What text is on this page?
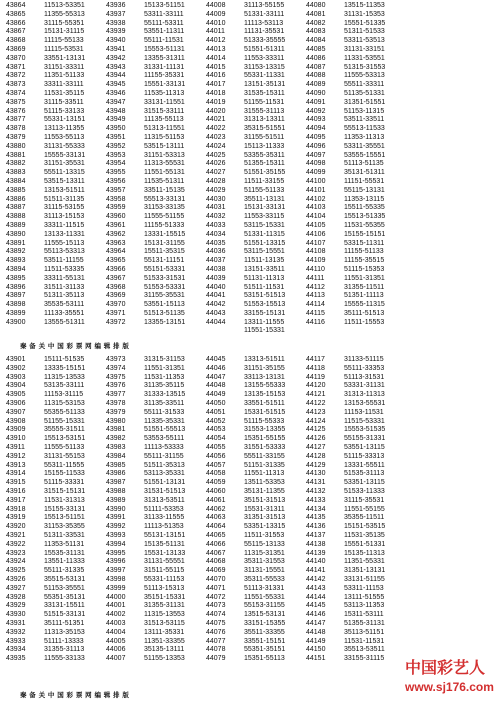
43864	11513-53351	43936	15133-51151	44008	31113-55155	44080	13515-11353
43865	11355-55313	43937	53311-33111	44009	51331-33111	44081	31131-15353
43866	31115-55351	43938	55111-53311	44010	11113-53113	44082	15551-51335
43867	15131-31115	43939	53551-11311	44011	11131-35531	44083	51311-51533
43868	11115-55133	43940	55111-11531	44012	51333-35555	44084	53311-53513
43869	11115-53531	43941	15553-51131	44013	51551-51311	44085	31131-33151
43870	33551-13131	43942	13355-31311	44014	11553-33311	44086	11331-53551
43871	31151-33311	43943	31331-11131	44015	31153-13315	44087	51315-31553
43872	11351-51133	43944	11155-35331	44016	55331-11331	44088	11555-53313
43873	33311-33111	43945	15551-33131	44017	13151-35131	44089	55511-33311
43874	11531-35115	43946	11535-11313	44018	31535-15311	44090	51135-51331
43875	31115-33511	43947	33131-11551	44019	51155-11531	44091	31351-51551
43876	51115-33133	43948	31515-33111	44020	31555-31113	44092	51153-11315
43877	55331-13151	43949	11135-55113	44021	31313-13311	44093	53511-33511
43878	13113-11355	43950	51313-11551	44022	35315-51551	44094	55513-11533
43879	11553-55113	43951	11315-51153	44023	31155-51511	44095	11353-11313
43880	31131-55333	43952	53515-13111	44024	15113-11333	44096	53311-35551
43881	15555-33131	43953	31151-53313	44025	53355-35311	44097	53555-15551
43882	31151-35531	43954	11313-55531	44026	51355-15311	44098	51113-51135
43883	55511-13315	43955	11551-55131	44027	51551-35155	44099	35131-51311
43884	53515-13311	43956	11535-51311	44028	11511-33155	44100	11151-55531
43885	13153-51511	43957	33511-15135	44029	51155-51133	44101	55115-13131
43886	51511-31135	43958	55513-33131	44030	35511-13131	44102	11353-13115
43887	31115-53155	43959	31153-33135	44031	15131-33131	44103	15511-55335
43888	31113-15153	43960	11555-51155	44032	11553-33115	44104	15513-51335
43889	33311-11515	43961	11155-51333	44033	53115-15331	44105	11531-55355
43890	13133-11331	43962	13331-15515	44034	51331-11315	44106	15155-15151
43891	11555-15113	43963	15131-31155	44035	51551-13315	44107	53315-11311
43892	55113-53313	43964	15511-35315	44036	53115-15551	44108	11155-51133
43893	53511-11155	43965	55131-11151	44037	11511-13135	44109	11155-35515
43894	11511-53335	43966	55151-53331	44038	13151-33511	44110	51115-15353
43895	33311-55131	43967	51533-31531	44039	51131-11313	44111	11551-31351
43896	31511-31133	43968	51553-53331	44040	51511-11531	44112	31355-11511
43897	51311-35113	43969	31155-35531	44041	53151-51513	44113	51351-11113
43898	35535-53111	43970	53551-15113	44042	51553-15513	44114	15555-11315
43899	11133-35551	43971	51513-51135	44043	33155-15131	44115	35111-51513
43900	13555-51311	43972	13355-13151	44044	13311-11555	44116	11511-15553
11551-15331
秦 备 关 中 国 彩 票 网 编 辑 排 版
43901	15111-51535	43973	31315-31153	44045	13313-51511	44117	31133-51115
43902	13335-15151	43974	11551-31351	44046	31151-35155	44118	55111-33353
43903	11315-13533	43975	11531-11353	44047	33113-13131	44119	51113-31531
43904	53135-33111	43976	31135-35115	44048	13155-55333	44120	53331-31131
43905	11153-31115	43977	31333-13515	44049	13135-15153	44121	31313-11313
43906	11315-53153	43978	31135-33511	44050	33551-51511	44122	13153-55531
43907	55355-51133	43979	55111-31533	44051	15331-51515	44123	11153-11531
43908	51155-15331	43980	11335-35331	44052	51115-55333	44124	11515-53331
43909	35555-31511	43981	51551-55513	44053	31553-13355	44125	15553-51535
43910	15513-53151	43982	53553-55111	44054	15351-55155	44126	55155-31331
43911	11555-51133	43983	11113-53333	44055	31551-53333	44127	53551-13115
43912	31131-55153	43984	55111-31155	44056	55511-33155	44128	51115-33313
43913	55311-11555	43985	51511-35313	44057	51151-31335	44129	13331-55511
43914	15155-11533	43986	53113-35331	44058	11551-11313	44130	51535-31113
43915	51115-33331	43987	51551-13131	44059	13511-53353	44131	53351-13115
43916	31515-15131	43988	31531-51513	44060	35131-11355	44132	51533-11333
43917	11531-31313	43989	31313-53511	44061	35151-31513	44133	31115-35531
43918	15155-33131	43990	51111-53353	44062	15531-31311	44134	11551-55155
43919	15513-51151	43991	31133-11555	44063	31351-31513	44135	35355-11511
43920	31153-35355	43992	11113-51353	44064	53351-13315	44136	15151-53515
43921	51311-33531	43993	55131-13151	44065	11511-31553	44137	11531-35135
43922	11353-51131	43994	15135-51131	44066	55115-13133	44138	15551-51331
43923	15535-31131	43995	15531-13133	44067	11315-31351	44139	15135-11313
43924	13551-11333	43996	31131-55551	44068	35311-31553	44140	11351-55331
43925	55111-31335	43997	31511-55115	44069	31131-15551	44141	31351-13131
43926	35515-53131	43998	55331-11153	44070	35311-55533	44142	33131-51155
43927	51153-35551	43999	51113-15313	44071	51113-31331	44143	53311-11153
43928	55351-35131	44000	35151-15331	44072	11551-55331	44144	13111-51555
43929	33131-15511	44001	31355-31131	44073	55153-31155	44145	53113-11353
43930	51515-33131	44002	11315-13553	44074	13515-53131	44146	15311-53111
43931	35111-51351	44003	31513-53115	44075	33151-15355	44147	51355-31131
43932	11313-35153	44004	13111-35331	44076	35511-33355	44148	35113-51151
43933	51111-13333	44005	11351-33355	44077	33551-15151	44149	11531-11531
43934	31355-31113	44006	35135-13111	44078	55351-35151	44150	35513-53511
43935	11555-33133	44007	51155-13353	44079	15351-55113	44151	33155-31115
秦 备 关 中 国 彩 票 网 编 辑 排 版
中国彩艺人
www.sj176.com
